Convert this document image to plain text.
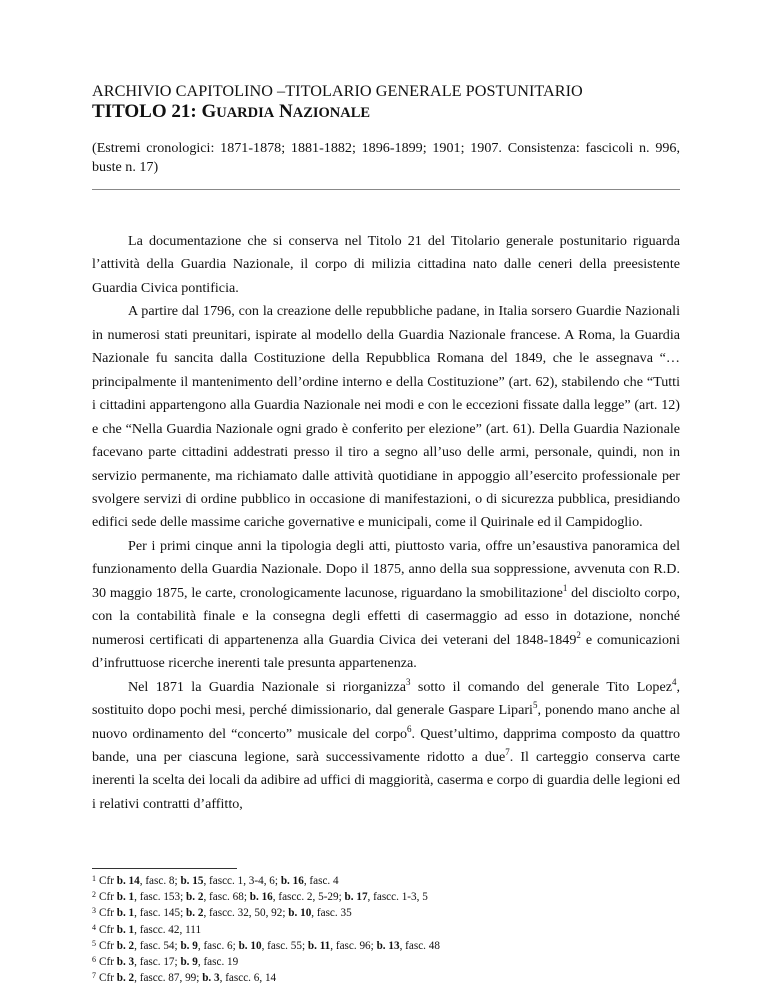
ARCHIVIO CAPITOLINO –TITOLARIO GENERALE POSTUNITARIO
TITOLO 21: GUARDIA NAZIONALE
(Estremi cronologici: 1871-1878; 1881-1882; 1896-1899; 1901; 1907. Consistenza: fascicoli n. 996, buste n. 17)

La documentazione che si conserva nel Titolo 21 del Titolario generale postunitario riguarda l’attività della Guardia Nazionale, il corpo di milizia cittadina nato dalle ceneri della preesistente Guardia Civica pontificia.

A partire dal 1796, con la creazione delle repubbliche padane, in Italia sorsero Guardie Nazionali in numerosi stati preunitari, ispirate al modello della Guardia Nazionale francese. A Roma, la Guardia Nazionale fu sancita dalla Costituzione della Repubblica Romana del 1849, che le assegnava “… principalmente il mantenimento dell’ordine interno e della Costituzione” (art. 62), stabilendo che “Tutti i cittadini appartengono alla Guardia Nazionale nei modi e con le eccezioni fissate dalla legge” (art. 12) e che “Nella Guardia Nazionale ogni grado è conferito per elezione” (art. 61). Della Guardia Nazionale facevano parte cittadini addestrati presso il tiro a segno all’uso delle armi, personale, quindi, non in servizio permanente, ma richiamato dalle attività quotidiane in appoggio all’esercito professionale per svolgere servizi di ordine pubblico in occasione di manifestazioni, o di sicurezza pubblica, presidiando edifici sede delle massime cariche governative e municipali, come il Quirinale ed il Campidoglio.

Per i primi cinque anni la tipologia degli atti, piuttosto varia, offre un’esaustiva panoramica del funzionamento della Guardia Nazionale. Dopo il 1875, anno della sua soppressione, avvenuta con R.D. 30 maggio 1875, le carte, cronologicamente lacunose, riguardano la smobilitazione$^1$ del disciolto corpo, con la contabilità finale e la consegna degli effetti di casermaggio ad esso in dotazione, nonché numerosi certificati di appartenenza alla Guardia Civica dei veterani del 1848-1849$^2$ e comunicazioni d’infruttuose ricerche inerenti tale presunta appartenenza.

Nel 1871 la Guardia Nazionale si riorganizza$^3$ sotto il comando del generale Tito Lopez$^4$, sostituito dopo pochi mesi, perché dimissionario, dal generale Gaspare Lipari$^5$, ponendo mano anche al nuovo ordinamento del “concerto” musicale del corpo$^6$. Quest’ultimo, dapprima composto da quattro bande, una per ciascuna legione, sarà successivamente ridotto a due$^7$. Il carteggio conserva carte inerenti la scelta dei locali da adibire ad uffici di maggiorità, caserma e corpo di guardia delle legioni ed i relativi contratti d’affitto,

$^1$ Cfr b. 14, fasc. 8; b. 15, fascc. 1, 3-4, 6; b. 16, fasc. 4
$^2$ Cfr b. 1, fasc. 153; b. 2, fasc. 68; b. 16, fascc. 2, 5-29; b. 17, fascc. 1-3, 5
$^3$ Cfr b. 1, fasc. 145; b. 2, fascc. 32, 50, 92; b. 10, fasc. 35
$^4$ Cfr b. 1, fascc. 42, 111
$^5$ Cfr b. 2, fasc. 54; b. 9, fasc. 6; b. 10, fasc. 55; b. 11, fasc. 96; b. 13, fasc. 48
$^6$ Cfr b. 3, fasc. 17; b. 9, fasc. 19
$^7$ Cfr b. 2, fascc. 87, 99; b. 3, fascc. 6, 14
